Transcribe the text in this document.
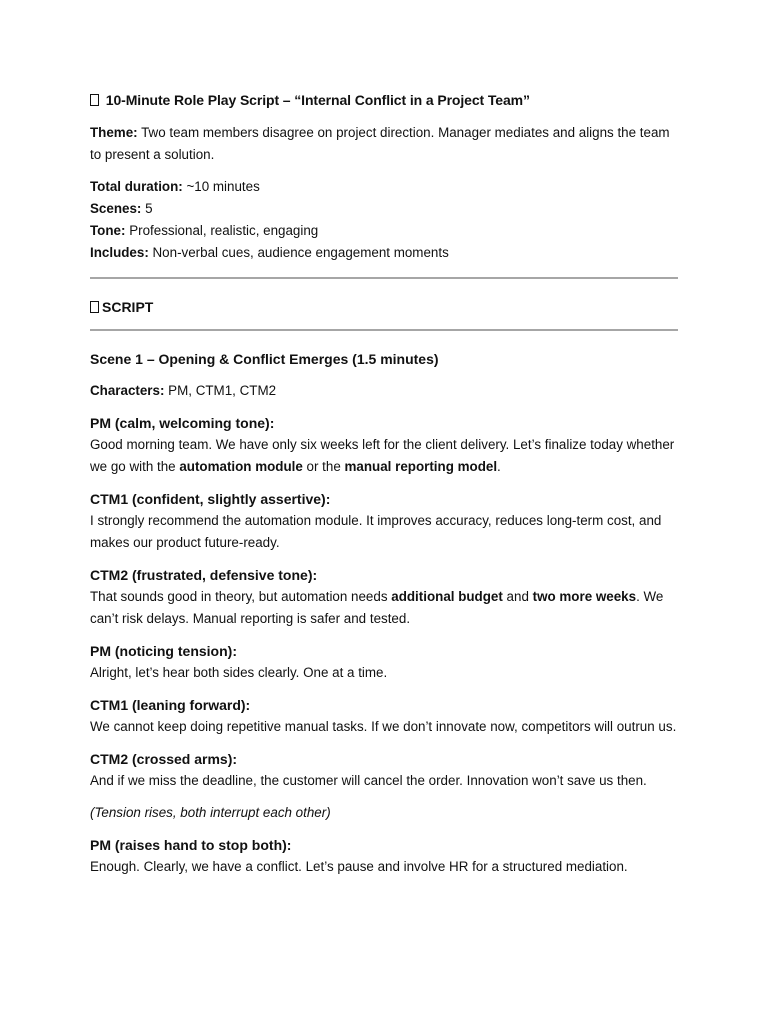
10-Minute Role Play Script – “Internal Conflict in a Project Team”

Theme: Two team members disagree on project direction. Manager mediates and aligns the team to present a solution.

Total duration: ~10 minutes

Scenes: 5

Tone: Professional, realistic, engaging

Includes: Non-verbal cues, audience engagement moments

SCRIPT
Scene 1 – Opening & Conflict Emerges (1.5 minutes)

Characters: PM, CTM1, CTM2

PM (calm, welcoming tone):

Good morning team. We have only six weeks left for the client delivery. Let’s finalize today whether we go with the automation module or the manual reporting model.

CTM1 (confident, slightly assertive):

I strongly recommend the automation module. It improves accuracy, reduces long-term cost, and makes our product future-ready.

CTM2 (frustrated, defensive tone):

That sounds good in theory, but automation needs additional budget and two more weeks. We can’t risk delays. Manual reporting is safer and tested.

PM (noticing tension):

Alright, let’s hear both sides clearly. One at a time.

CTM1 (leaning forward):

We cannot keep doing repetitive manual tasks. If we don’t innovate now, competitors will outrun us.

CTM2 (crossed arms):

And if we miss the deadline, the customer will cancel the order. Innovation won’t save us then.

(Tension rises, both interrupt each other)

PM (raises hand to stop both):

Enough. Clearly, we have a conflict. Let’s pause and involve HR for a structured mediation.
